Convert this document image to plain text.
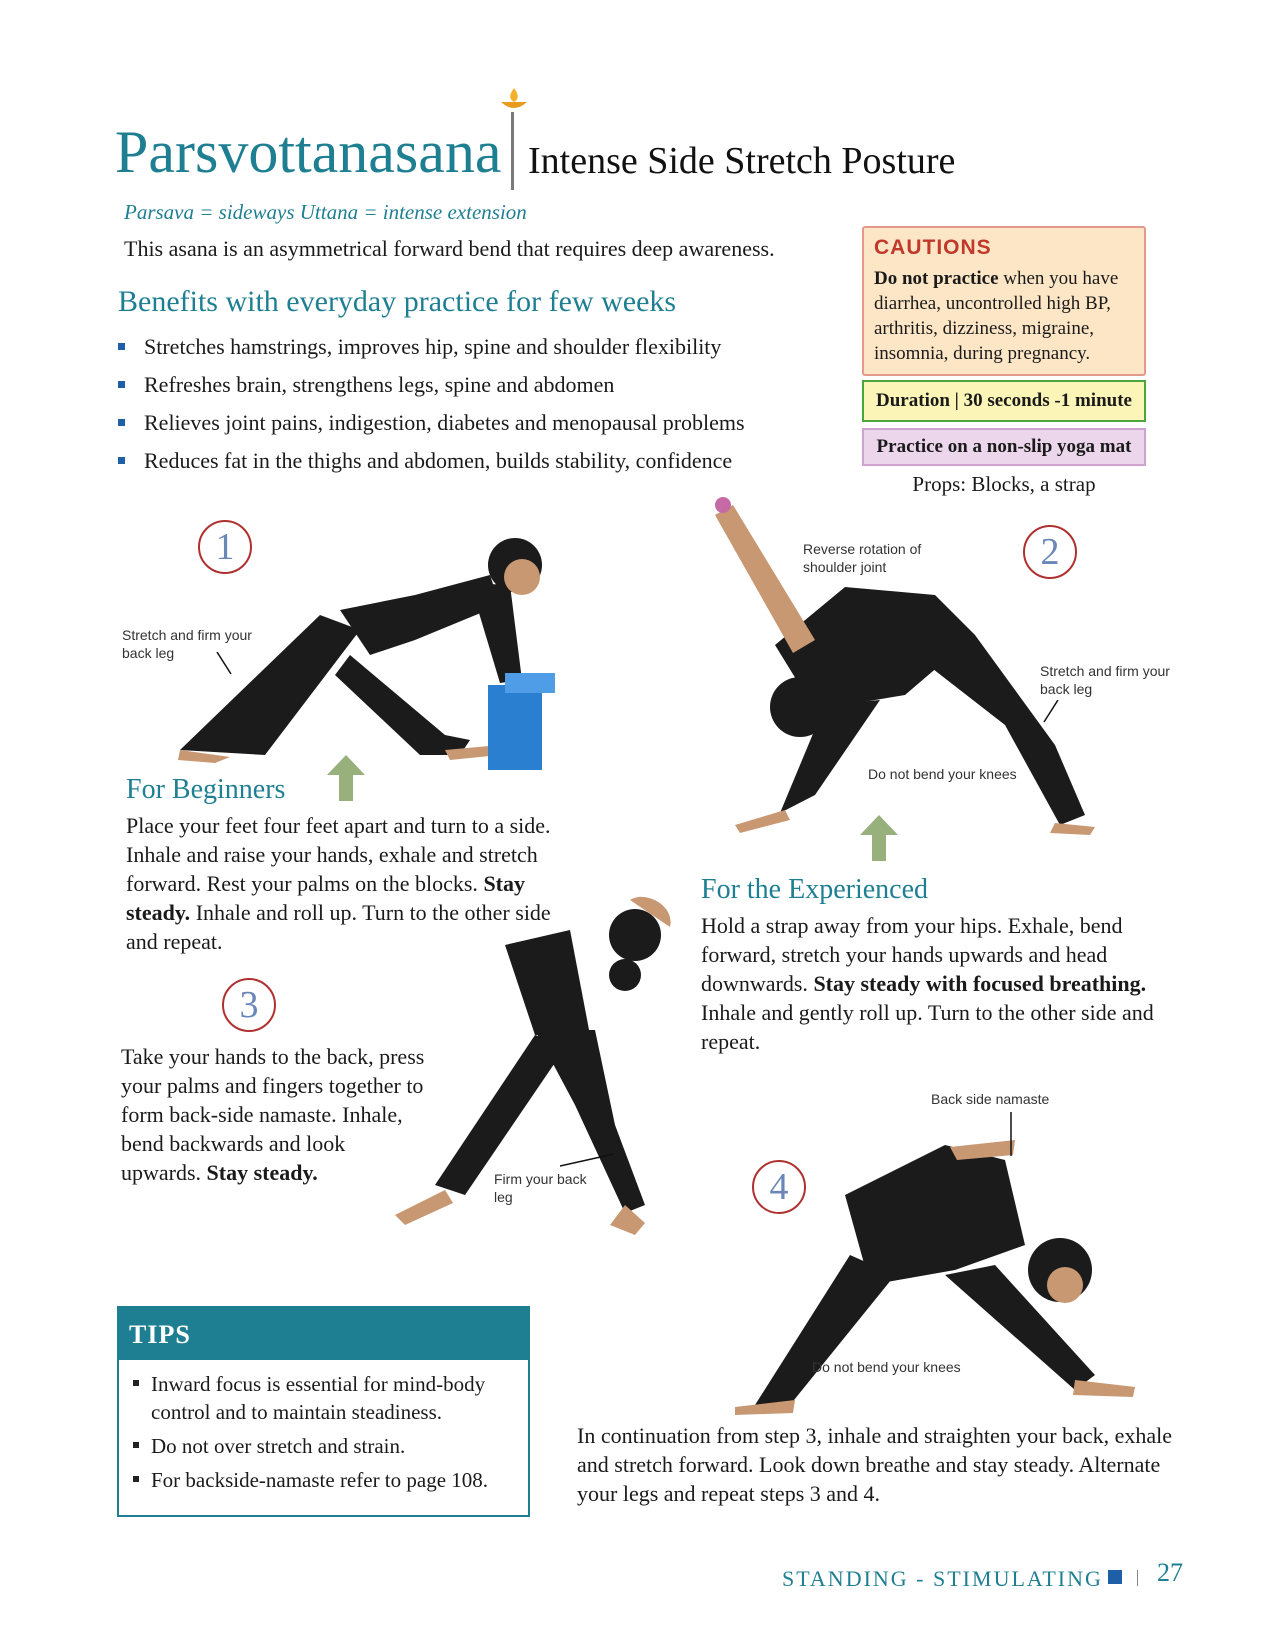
Parsvottanasana Intense Side Stretch Posture
Parsava = sideways Uttana = intense extension
This asana is an asymmetrical forward bend that requires deep awareness.
Benefits with everyday practice for few weeks
Stretches hamstrings, improves hip, spine and shoulder flexibility
Refreshes brain, strengthens legs, spine and abdomen
Relieves joint pains, indigestion, diabetes and menopausal problems
Reduces fat in the thighs and abdomen, builds stability, confidence
CAUTIONS
Do not practice when you have diarrhea, uncontrolled high BP, arthritis, dizziness, migraine, insomnia, during pregnancy.
Duration | 30 seconds -1 minute
Practice on a non-slip yoga mat
Props: Blocks, a strap
1
Stretch and firm your back leg
For Beginners
Place your feet four feet apart and turn to a side. Inhale and raise your hands, exhale and stretch forward. Rest your palms on the blocks. Stay steady. Inhale and roll up. Turn to the other side and repeat.
2
Reverse rotation of shoulder joint
Stretch and firm your back leg
Do not bend your knees
For the Experienced
Hold a strap away from your hips. Exhale, bend forward, stretch your hands upwards and head downwards. Stay steady with focused breathing. Inhale and gently roll up. Turn to the other side and repeat.
3
Take your hands to the back, press your palms and fingers together to form back-side namaste. Inhale, bend backwards and look upwards. Stay steady.	Firm your back leg
Back side namaste
4
Do not bend your knees
In continuation from step 3, inhale and straighten your back, exhale and stretch forward. Look down breathe and stay steady. Alternate your legs and repeat steps 3 and 4.
TIPS
Inward focus is essential for mind-body control and to maintain steadiness.
Do not over stretch and strain.
For backside-namaste refer to page 108.
STANDING - STIMULATING 27
